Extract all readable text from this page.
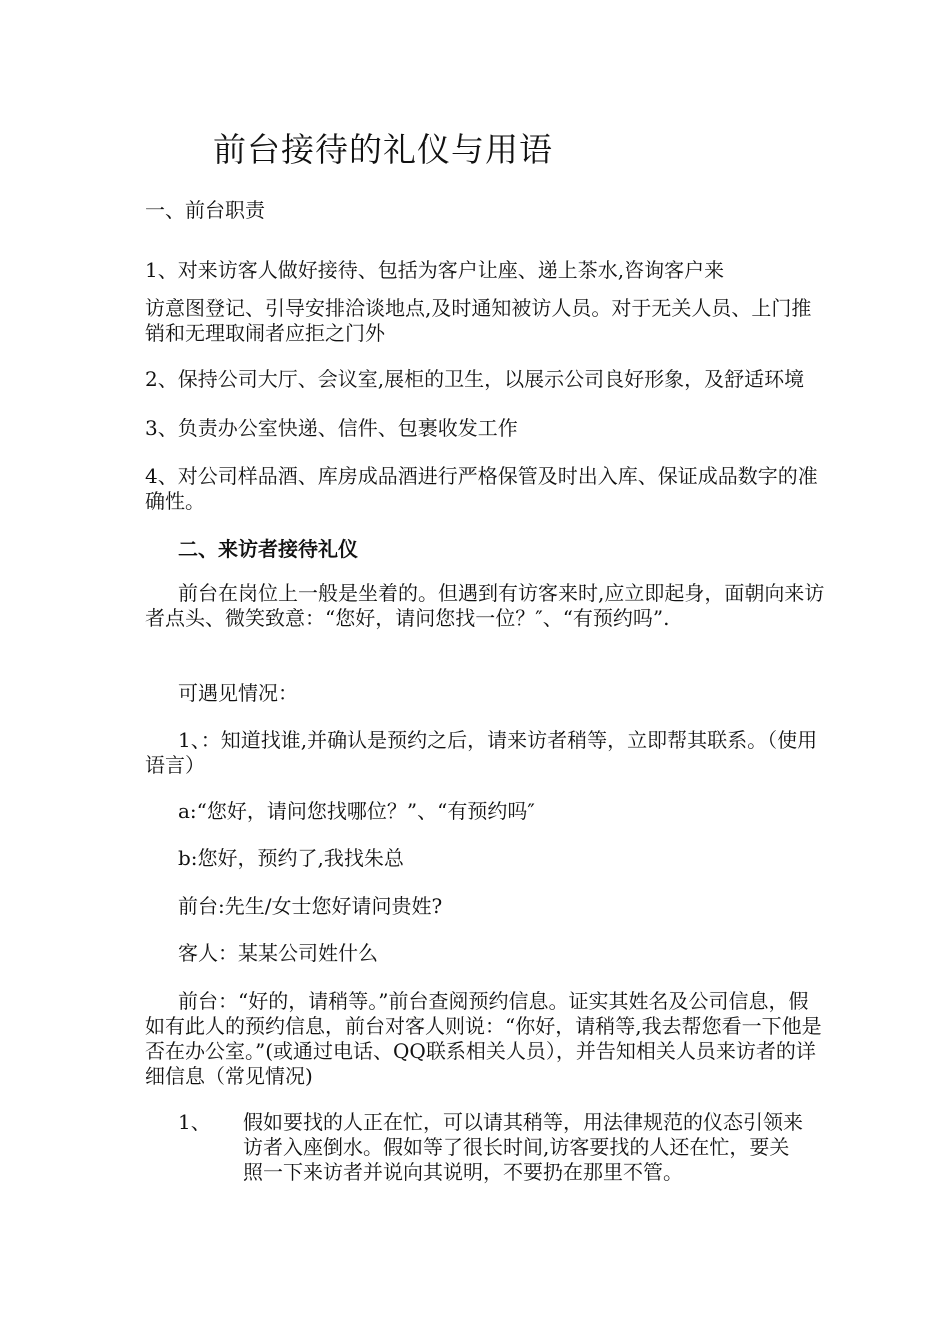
前台接待的礼仪与用语
一、前台职责
1、对来访客人做好接待、包括为客户让座、递上茶水,咨询客户来
访意图登记、引导安排洽谈地点,及时通知被访人员。对于无关人员、上门推销和无理取闹者应拒之门外
2、保持公司大厅、会议室,展柜的卫生，以展示公司良好形象，及舒适环境
3、负责办公室快递、信件、包裹收发工作
4、对公司样品酒、库房成品酒进行严格保管及时出入库、保证成品数字的准确性。
二、来访者接待礼仪
前台在岗位上一般是坐着的。但遇到有访客来时,应立即起身，面朝向来访者点头、微笑致意：“您好，请问您找一位？″、“有预约吗”.
可遇见情况：
1、：知道找谁,并确认是预约之后，请来访者稍等，立即帮其联系。（使用语言）
a:“您好，请问您找哪位？”、“有预约吗″
b:您好，预约了,我找朱总
前台:先生/女士您好请问贵姓?
客人：某某公司姓什么
前台：“好的，请稍等。”前台查阅预约信息。证实其姓名及公司信息，假如有此人的预约信息，前台对客人则说：“你好，请稍等,我去帮您看一下他是否在办公室。”(或通过电话、QQ联系相关人员），并告知相关人员来访者的详细信息（常见情况)
1、 假如要找的人正在忙，可以请其稍等，用法律规范的仪态引领来访者入座倒水。假如等了很长时间,访客要找的人还在忙，要关照一下来访者并说向其说明，不要扔在那里不管。
